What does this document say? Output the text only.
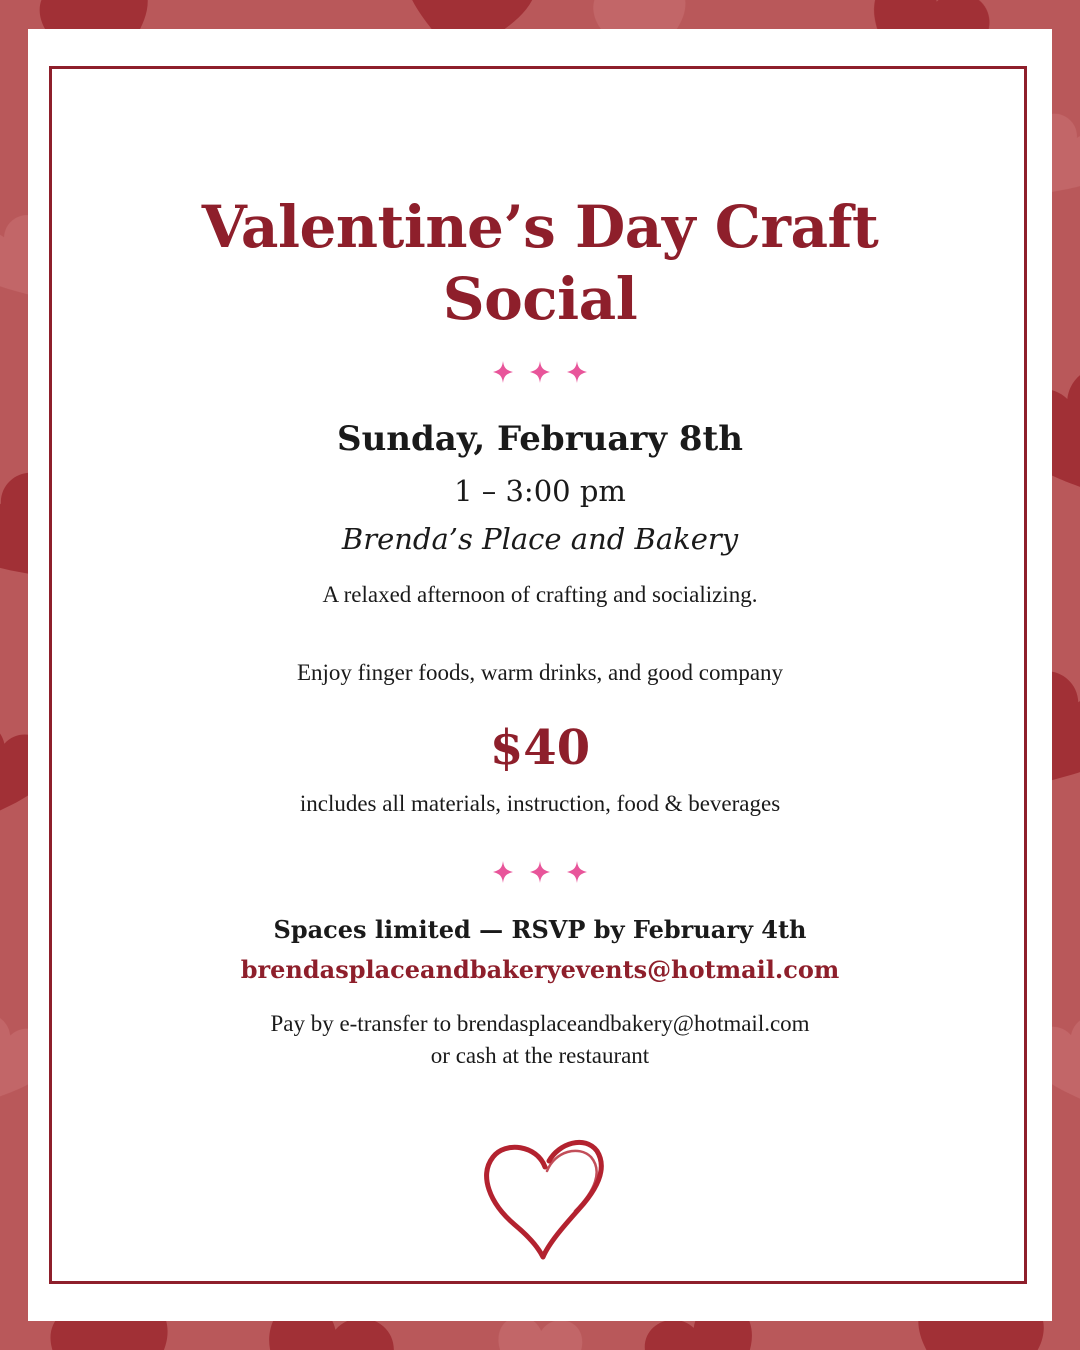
Valentine’s Day Craft Social
Sunday, February 8th
1 – 3:00 pm
Brenda’s Place and Bakery
A relaxed afternoon of crafting and socializing.
Enjoy finger foods, warm drinks, and good company
$40
includes all materials, instruction, food & beverages
Spaces limited — RSVP by February 4th
brendasplaceandbakeryevents@hotmail.com
Pay by e-transfer to brendasplaceandbakery@hotmail.com
or cash at the restaurant
